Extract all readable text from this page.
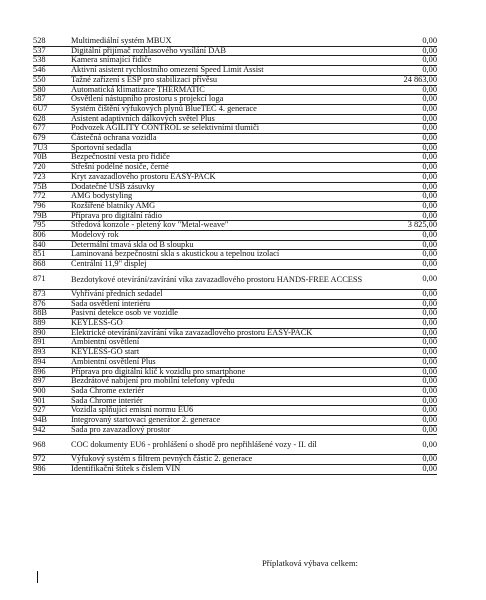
528	Multimediální systém MBUX	0,00
537	Digitální přijímač rozhlasového vysílání DAB	0,00
538	Kamera snímající řidiče	0,00
546	Aktivní asistent rychlostního omezení Speed Limit Assist	0,00
550	Tažné zařízení s ESP pro stabilizaci přívěsu	24 863,00
580	Automatická klimatizace THERMATIC	0,00
587	Osvětlení nástupního prostoru s projekcí loga	0,00
6U7	Systém čištění výfukových plynů BlueTEC 4. generace	0,00
628	Asistent adaptivních dálkových světel Plus	0,00
677	Podvozek AGILITY CONTROL se selektivními tlumiči	0,00
679	Částečná ochrana vozidla	0,00
7U3	Sportovní sedadla	0,00
70B	Bezpečnostní vesta pro řidiče	0,00
720	Střešní podélné nosiče, černé	0,00
723	Kryt zavazadlového prostoru EASY-PACK	0,00
75B	Dodatečné USB zásuvky	0,00
772	AMG bodystyling	0,00
796	Rozšířené blatníky AMG	0,00
79B	Příprava pro digitální rádio	0,00
795	Středová konzole - pletený kov "Metal-weave"	3 825,00
806	Modelový rok	0,00
840	Determální tmavá skla od B sloupku	0,00
851	Laminovaná bezpečnostní skla s akustickou a tepelnou izolací	0,00
868	Centrální 11,9" displej	0,00
871	Bezdotykové otevírání/zavírání víka zavazadlového prostoru HANDS-FREE ACCESS	0,00
873	Vyhřívání předních sedadel	0,00
876	Sada osvětlení interiéru	0,00
88B	Pasivní detekce osob ve vozidle	0,00
889	KEYLESS-GO	0,00
890	Elektrické otevírání/zavírání víka zavazadlového prostoru EASY-PACK	0,00
891	Ambientní osvětlení	0,00
893	KEYLESS-GO start	0,00
894	Ambientní osvětlení Plus	0,00
896	Příprava pro digitální klíč k vozidlu pro smartphone	0,00
897	Bezdrátové nabíjení pro mobilní telefony vpředu	0,00
900	Sada Chrome exteriér	0,00
901	Sada Chrome interiér	0,00
927	Vozidla splňující emisní normu EU6	0,00
94B	Integrovaný startovací generátor 2. generace	0,00
942	Sada pro zavazadlový prostor	0,00
968	COC dokumenty EU6 - prohlášení o shodě pro nepřihlášené vozy - II. díl	0,00
972	Výfukový systém s filtrem pevných částic 2. generace	0,00
986	Identifikační štítek s číslem VIN	0,00
Příplatková výbava celkem:
